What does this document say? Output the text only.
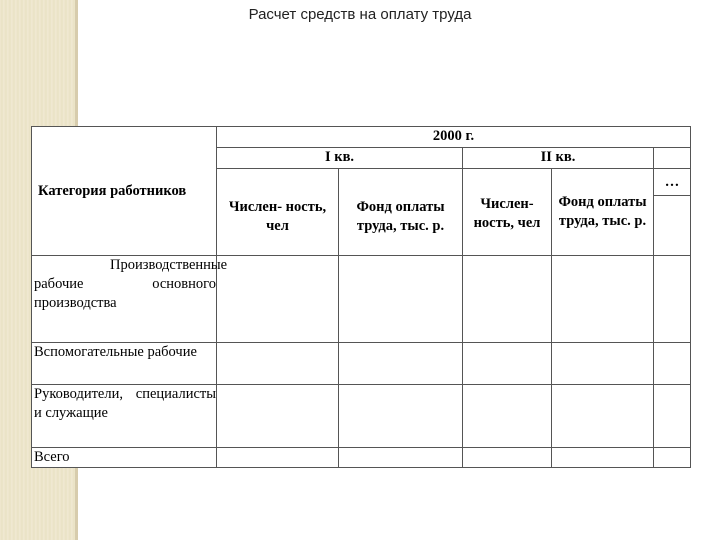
Расчет средств на оплату труда
Категория работников	2000 г.				
	I кв.		II кв.		
	Числен- ность, чел	Фонд оплаты труда, тыс. р.	Числен- ность, чел	Фонд оплаты труда, тыс. р.	…

Производственные рабочие основного производства					
Вспомогательные рабочие					
Руководители, специалисты и служащие					
Всего					
